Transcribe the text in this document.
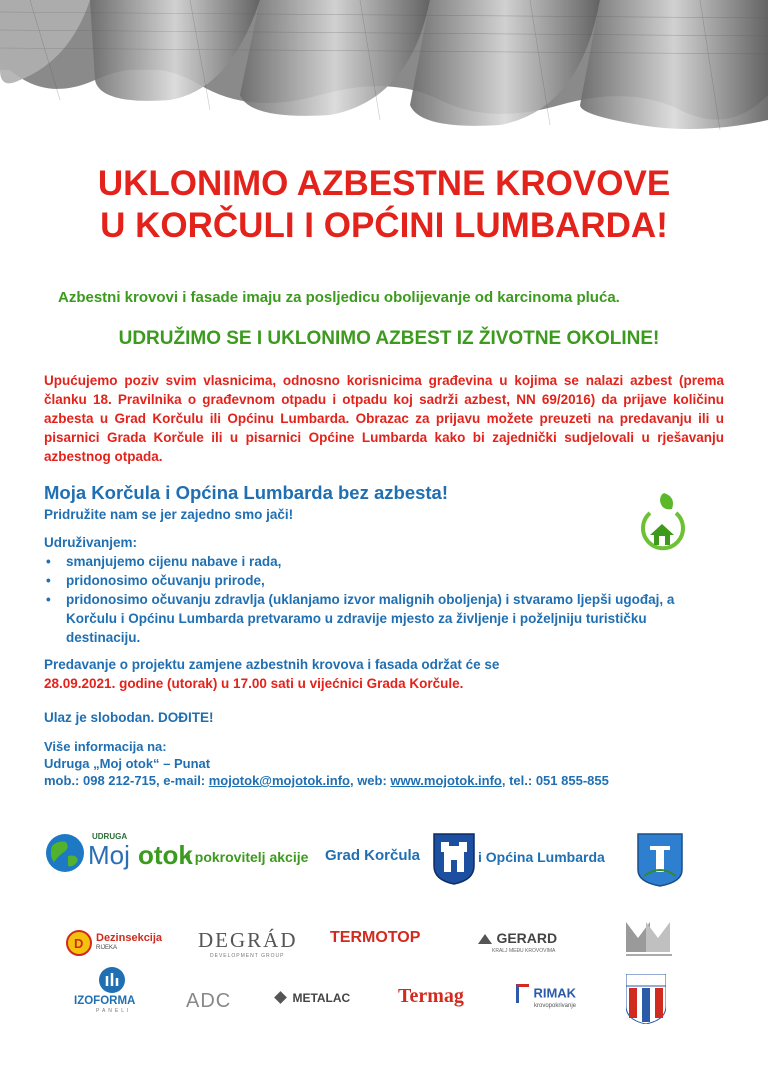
UKLONIMO AZBESTNE KROVOVE
U KORČULI I OPĆINI LUMBARDA!
Azbestni krovovi i fasade imaju za posljedicu obolijevanje od karcinoma pluća.
UDRUŽIMO SE I UKLONIMO AZBEST IZ ŽIVOTNE OKOLINE!
Upućujemo poziv svim vlasnicima, odnosno korisnicima građevina u kojima se nalazi azbest (prema članku 18. Pravilnika o građevnom otpadu i otpadu koj sadrži azbest, NN 69/2016) da prijave količinu azbesta u Grad Korčulu ili Općinu Lumbarda. Obrazac za prijavu možete preuzeti na predavanju ili u pisarnici Grada Korčule ili u pisarnici Općine Lumbarda kako bi zajednički sudjelovali u rješavanju azbestnog otpada.
Moja Korčula i Općina Lumbarda bez azbesta!
Pridružite nam se jer zajedno smo jači!
Udruživanjem:
• smanjujemo cijenu nabave i rada,
• pridonosimo očuvanju prirode,
• pridonosimo očuvanju zdravlja (uklanjamo izvor malignih oboljenja) i stvaramo ljepši ugođaj, a Korčulu i Općinu Lumbarda pretvaramo u zdravije mjesto za življenje i poželjniju turističku destinaciju.
Predavanje o projektu zamjene azbestnih krovova i fasada održat će se
28.09.2021. godine (utorak) u 17.00 sati u vijećnici Grada Korčule.
Ulaz je slobodan. DOĐITE!
Više informacija na:
Udruga „Moj otok“ – Punat
mob.: 098 212-715, e-mail: mojotok@mojotok.info, web: www.mojotok.info, tel.: 051 855-855
UDRUGA
Moj otok
i pokrovitelj akcije Grad Korčula	i Općina Lumbarda
D Dezinsekcija
RIJEKA	DEGRÁD
DEVELOPMENT GROUP
TERMOTOP	GERARD
KRALJ MEĐU KROVOVIMA
IZOFORMA
PANELI	ADC	METALAC	Termag	RIMAK
krovopokrivanje
